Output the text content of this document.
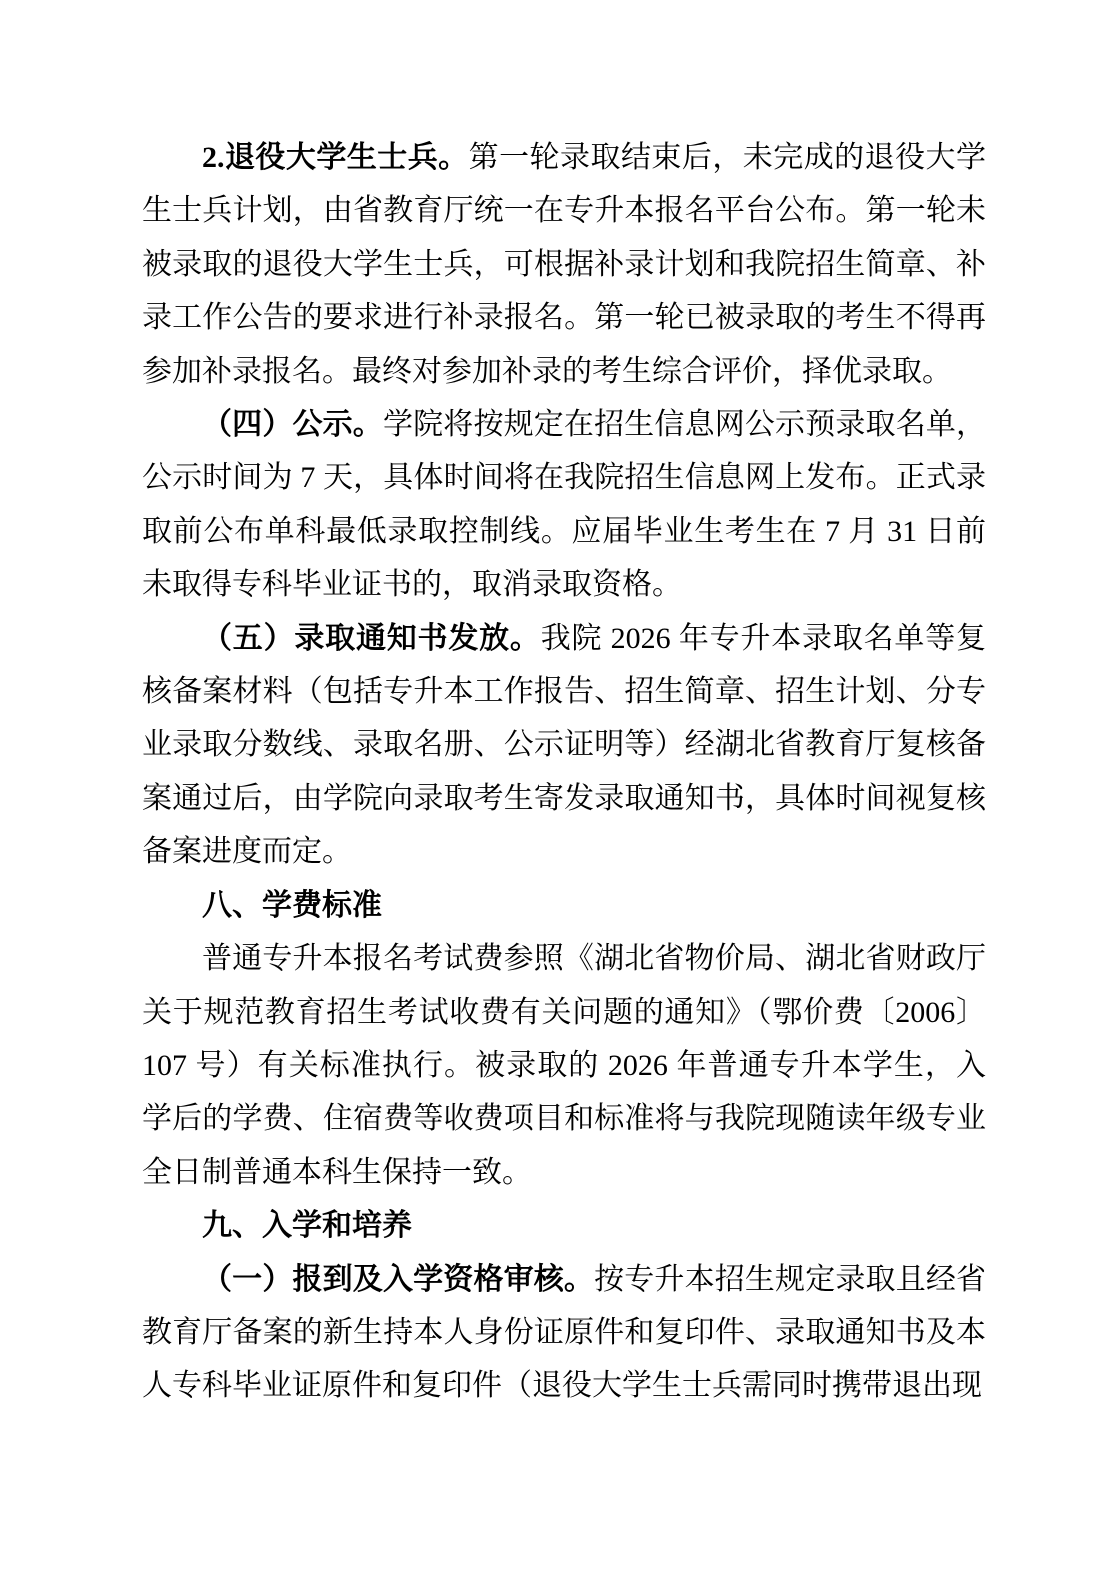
2.退役大学生士兵。第一轮录取结束后，未完成的退役大学生士兵计划，由省教育厅统一在专升本报名平台公布。第一轮未被录取的退役大学生士兵，可根据补录计划和我院招生简章、补录工作公告的要求进行补录报名。第一轮已被录取的考生不得再参加补录报名。最终对参加补录的考生综合评价，择优录取。

（四）公示。学院将按规定在招生信息网公示预录取名单，公示时间为 7 天，具体时间将在我院招生信息网上发布。正式录取前公布单科最低录取控制线。应届毕业生考生在 7 月 31 日前未取得专科毕业证书的，取消录取资格。

（五）录取通知书发放。我院 2026 年专升本录取名单等复核备案材料（包括专升本工作报告、招生简章、招生计划、分专业录取分数线、录取名册、公示证明等）经湖北省教育厅复核备案通过后，由学院向录取考生寄发录取通知书，具体时间视复核备案进度而定。

八、学费标准

普通专升本报名考试费参照《湖北省物价局、湖北省财政厅关于规范教育招生考试收费有关问题的通知》（鄂价费〔2006〕107 号）有关标准执行。被录取的 2026 年普通专升本学生，入学后的学费、住宿费等收费项目和标准将与我院现随读年级专业全日制普通本科生保持一致。

九、入学和培养

（一）报到及入学资格审核。按专升本招生规定录取且经省教育厅备案的新生持本人身份证原件和复印件、录取通知书及本人专科毕业证原件和复印件（退役大学生士兵需同时携带退出现
